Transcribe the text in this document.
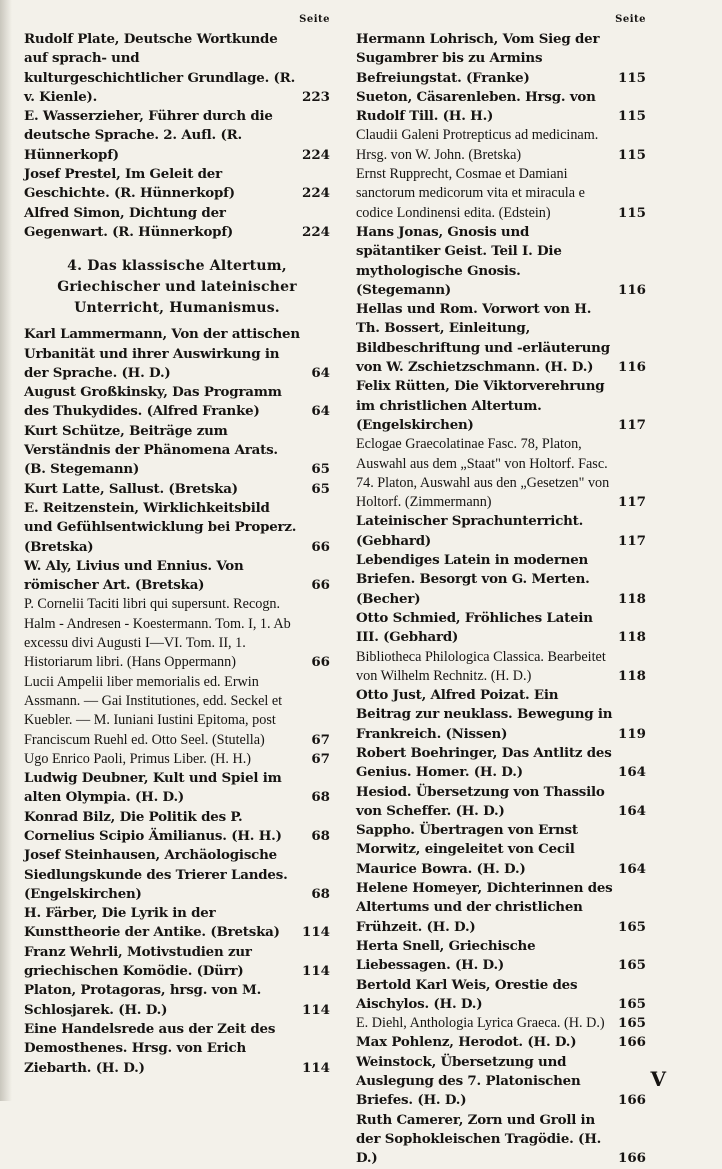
Seite
Rudolf Plate, Deutsche Wortkunde auf sprach- und kulturgeschichtlicher Grundlage. (R. v. Kienle).	223
E. Wasserzieher, Führer durch die deutsche Sprache. 2. Aufl. (R. Hünnerkopf)	224
Josef Prestel, Im Geleit der Geschichte. (R. Hünnerkopf)	224
Alfred Simon, Dichtung der Gegenwart. (R. Hünnerkopf)	224
4. Das klassische Altertum, Griechischer und lateinischer Unterricht, Humanismus.
Karl Lammermann, Von der attischen Urbanität und ihrer Auswirkung in der Sprache. (H. D.)	64
August Großkinsky, Das Programm des Thukydides. (Alfred Franke)	64
Kurt Schütze, Beiträge zum Verständnis der Phänomena Arats. (B. Stegemann)	65
Kurt Latte, Sallust. (Bretska)	65
E. Reitzenstein, Wirklichkeitsbild und Gefühlsentwicklung bei Properz. (Bretska)	66
W. Aly, Livius und Ennius. Von römischer Art. (Bretska)	66
P. Cornelii Taciti libri qui supersunt. Recogn. Halm - Andresen - Koestermann. Tom. I, 1. Ab excessu divi Augusti I—VI. Tom. II, 1. Historiarum libri. (Hans Oppermann)	66
Lucii Ampelii liber memorialis ed. Erwin Assmann. — Gai Institutiones, edd. Seckel et Kuebler. — M. Iuniani Iustini Epitoma, post Franciscum Ruehl ed. Otto Seel. (Stutella)	67
Ugo Enrico Paoli, Primus Liber. (H. H.)	67
Ludwig Deubner, Kult und Spiel im alten Olympia. (H. D.)	68
Konrad Bilz, Die Politik des P. Cornelius Scipio Ämilianus. (H. H.)	68
Josef Steinhausen, Archäologische Siedlungskunde des Trierer Landes. (Engelskirchen)	68
H. Färber, Die Lyrik in der Kunsttheorie der Antike. (Bretska) 114
Franz Wehrli, Motivstudien zur griechischen Komödie. (Dürr)	114
Platon, Protagoras, hrsg. von M. Schlosjarek. (H. D.)	114
Eine Handelsrede aus der Zeit des Demosthenes. Hrsg. von Erich Ziebarth. (H. D.)	114
Seite
Hermann Lohrisch, Vom Sieg der Sugambrer bis zu Armins Befreiungstat. (Franke)	115
Sueton, Cäsarenleben. Hrsg. von Rudolf Till. (H. H.)	115
Claudii Galeni Protrepticus ad medicinam. Hrsg. von W. John. (Bretska)	115
Ernst Rupprecht, Cosmae et Damiani sanctorum medicorum vita et miracula e codice Londinensi edita. (Edstein)	115
Hans Jonas, Gnosis und spätantiker Geist. Teil I. Die mythologische Gnosis. (Stegemann)	116
Hellas und Rom. Vorwort von H. Th. Bossert, Einleitung, Bildbeschriftung und -erläuterung von W. Zschietzschmann. (H. D.) 116
Felix Rütten, Die Viktorverehrung im christlichen Altertum. (Engelskirchen)	117
Eclogae Graecolatinae Fasc. 78, Platon, Auswahl aus dem „Staat" von Holtorf. Fasc. 74. Platon, Auswahl aus den „Gesetzen" von Holtorf. (Zimmermann)	117
Lateinischer Sprachunterricht. (Gebhard)	117
Lebendiges Latein in modernen Briefen. Besorgt von G. Merten. (Becher)	118
Otto Schmied, Fröhliches Latein III. (Gebhard)	118
Bibliotheca Philologica Classica. Bearbeitet von Wilhelm Rechnitz. (H. D.)	118
Otto Just, Alfred Poizat. Ein Beitrag zur neuklass. Bewegung in Frankreich. (Nissen)	119
Robert Boehringer, Das Antlitz des Genius. Homer. (H. D.)	164
Hesiod. Übersetzung von Thassilo von Scheffer. (H. D.)	164
Sappho. Übertragen von Ernst Morwitz, eingeleitet von Cecil Maurice Bowra. (H. D.)	164
Helene Homeyer, Dichterinnen des Altertums und der christlichen Frühzeit. (H. D.)	165
Herta Snell, Griechische Liebessagen. (H. D.)	165
Bertold Karl Weis, Orestie des Aischylos. (H. D.)	165
E. Diehl, Anthologia Lyrica Graeca. (H. D.) 165
Max Pohlenz, Herodot. (H. D.)	166
Weinstock, Übersetzung und Auslegung des 7. Platonischen Briefes. (H. D.)	166
Ruth Camerer, Zorn und Groll in der Sophokleischen Tragödie. (H. D.)	166
V
